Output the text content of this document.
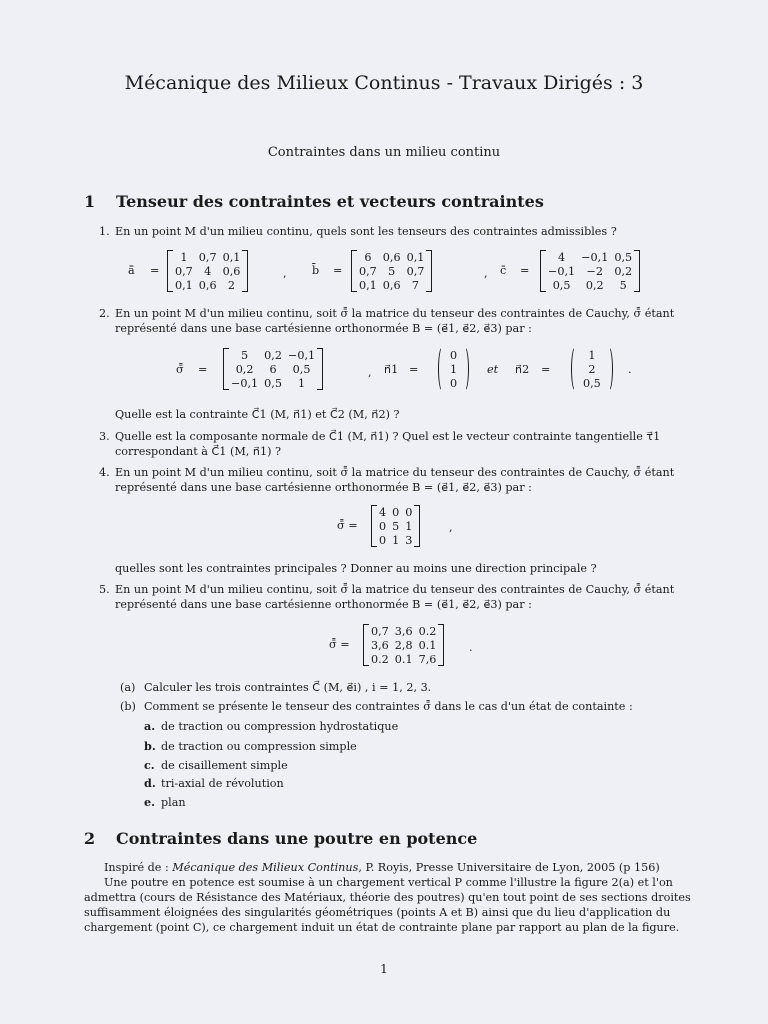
Mécanique des Milieux Continus - Travaux Dirigés : 3
Contraintes dans un milieu continu
1 Tenseur des contraintes et vecteurs contraintes
1. En un point M d'un milieu continu, quels sont les tenseurs des contraintes admissibles ?
ā̄ =
1	0,7	0,1
0,7	4	0,6
0,1	0,6	2
, b̄̄ =
6	0,6	0,1
0,7	5	0,7
0,1	0,6	7
, c̄̄ =
4	−0,1	0,5
−0,1	−2	0,2
0,5	0,2	5
2. En un point M d'un milieu continu, soit σ̄̄ la matrice du tenseur des contraintes de Cauchy, σ̄̄ étant
représenté dans une base cartésienne orthonormée B = (e⃗1, e⃗2, e⃗3) par :
σ̄̄ =
5	0,2	−0,1
0,2	6	0,5
−0,1	0,5	1
, n⃗1 =
0
1
0
et n⃗2 =
1
2
0,5
.
Quelle est la contrainte C⃗1 (M, n⃗1) et C⃗2 (M, n⃗2) ?
3. Quelle est la composante normale de C⃗1 (M, n⃗1) ? Quel est le vecteur contrainte tangentielle τ⃗1
correspondant à C⃗1 (M, n⃗1) ?
4. En un point M d'un milieu continu, soit σ̄̄ la matrice du tenseur des contraintes de Cauchy, σ̄̄ étant
représenté dans une base cartésienne orthonormée B = (e⃗1, e⃗2, e⃗3) par :
σ̄̄ =
4	0	0
0	5	1
0	1	3
,
quelles sont les contraintes principales ? Donner au moins une direction principale ?
5. En un point M d'un milieu continu, soit σ̄̄ la matrice du tenseur des contraintes de Cauchy, σ̄̄ étant
représenté dans une base cartésienne orthonormée B = (e⃗1, e⃗2, e⃗3) par :
σ̄̄ =
0,7	3,6	0.2
3,6	2,8	0.1
0.2	0.1	7,6
.
(a) Calculer les trois contraintes C⃗ (M, e⃗i) , i = 1, 2, 3.
(b) Comment se présente le tenseur des contraintes σ̄̄ dans le cas d'un état de containte :
a. de traction ou compression hydrostatique
b. de traction ou compression simple
c. de cisaillement simple
d. tri-axial de révolution
e. plan
2 Contraintes dans une poutre en potence
Inspiré de : Mécanique des Milieux Continus, P. Royis, Presse Universitaire de Lyon, 2005 (p 156)
Une poutre en potence est soumise à un chargement vertical P comme l'illustre la figure 2(a) et l'on
admettra (cours de Résistance des Matériaux, théorie des poutres) qu'en tout point de ses sections droites
suffisamment éloignées des singularités géométriques (points A et B) ainsi que du lieu d'application du
chargement (point C), ce chargement induit un état de contrainte plane par rapport au plan de la figure.
1
